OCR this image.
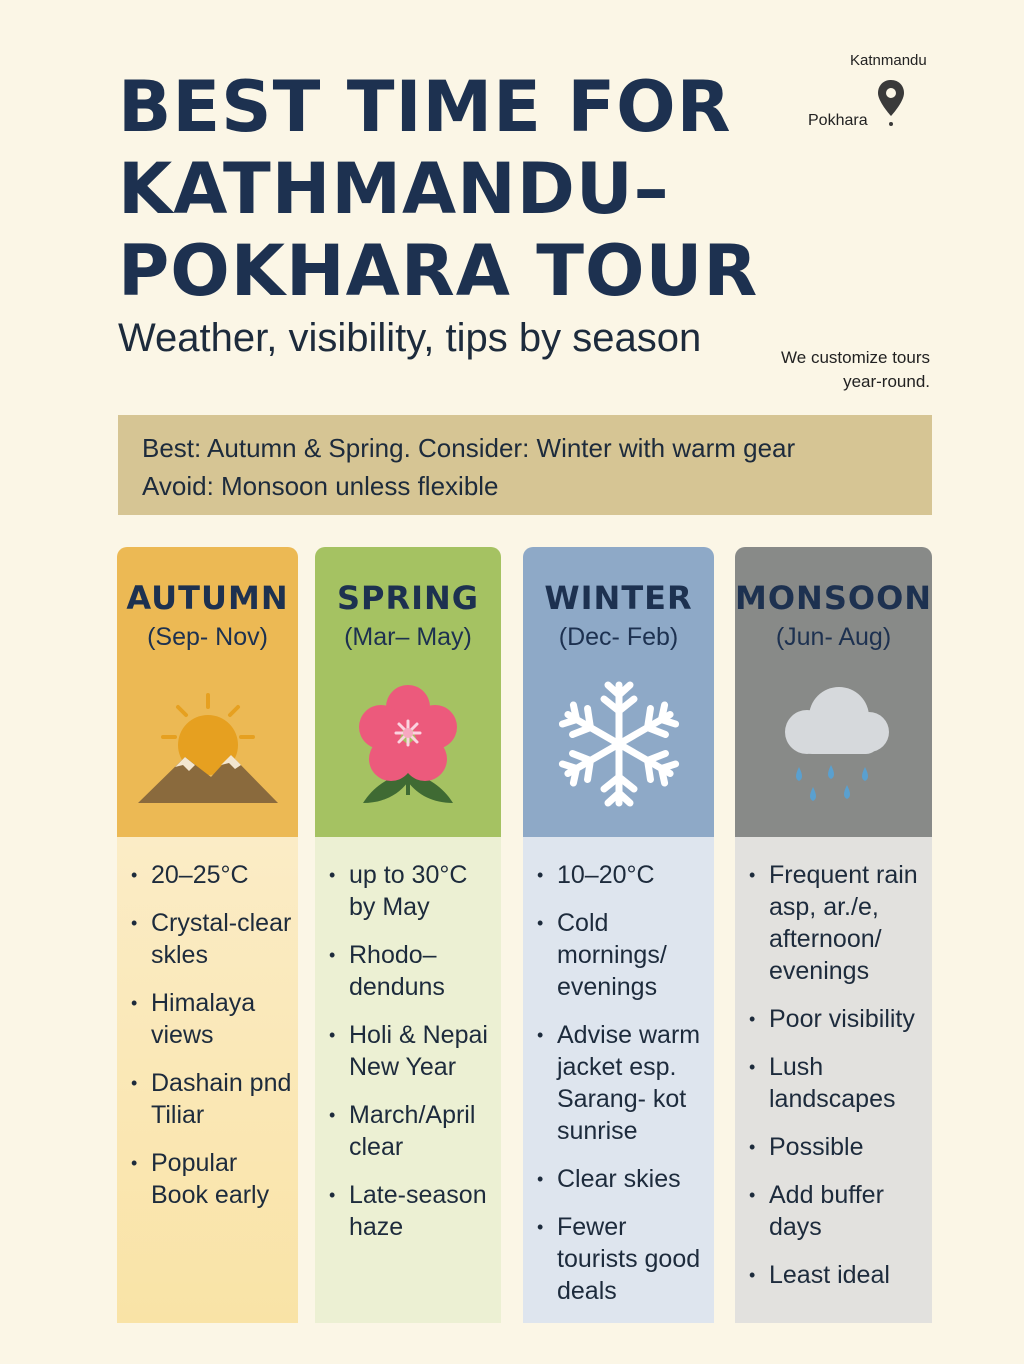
BEST TIME FOR
KATHMANDU–
POKHARA TOUR
Weather, visibility, tips by season
Katnmandu
Pokhara
We customize tours year-round.
Best: Autumn & Spring. Consider: Winter with warm gear
Avoid: Monsoon unless flexible
AUTUMN
(Sep- Nov)
• 20–25°C
• Crystal-clear skles
• Himalaya views
• Dashain pnd Tiliar
• Popular Book early
SPRING
(Mar– May)
• up to 30°C by May
• Rhodo– denduns
• Holi & Nepai New Year
• March/April clear
• Late-season haze
WINTER
(Dec- Feb)
• 10–20°C
• Cold mornings/ evenings
• Advise warm jacket esp. Sarang- kot sunrise
• Clear skies
• Fewer tourists good deals
MONSOON
(Jun- Aug)
• Frequent rain asp, ar./e, afternoon/ evenings
• Poor visibility
• Lush landscapes
• Possible
• Add buffer days
• Least ideal
